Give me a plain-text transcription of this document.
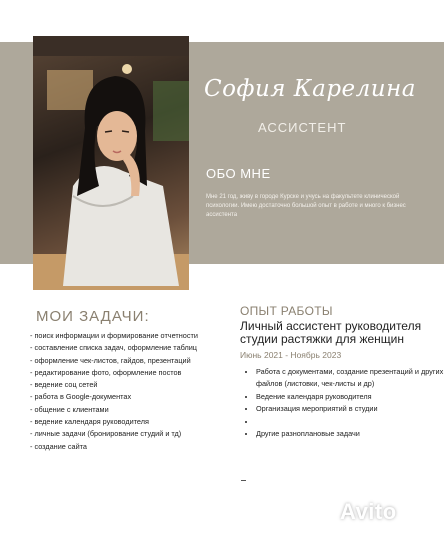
София Карелина
АССИСТЕНТ
ОБО МНЕ
Мне 21 год, живу в городе Курске и учусь на факультете клинической психологии. Имею достаточно большой опыт в работе и много к бизнес ассистента
МОИ ЗАДАЧИ:
- поиск информации и формирование отчетности
- составление списка задач, оформление таблиц
- оформление чек-листов, гайдов, презентаций
- редактирование фото, оформление постов
- ведение соц сетей
- работа в Google-документах
- общение с клиентами
- ведение календаря руководителя
- личные задачи (бронирование студий и тд)
- создание сайта
ОПЫТ РАБОТЫ
Личный ассистент руководителя студии растяжки для женщин
Июнь 2021 - Ноябрь 2023
• Работа с документами, создание презентаций и других файлов (листовки, чек-листы и др)
• Ведение календаря руководителя
• Организация мероприятий в студии
•
• Другие разноплановые задачи
Avito
